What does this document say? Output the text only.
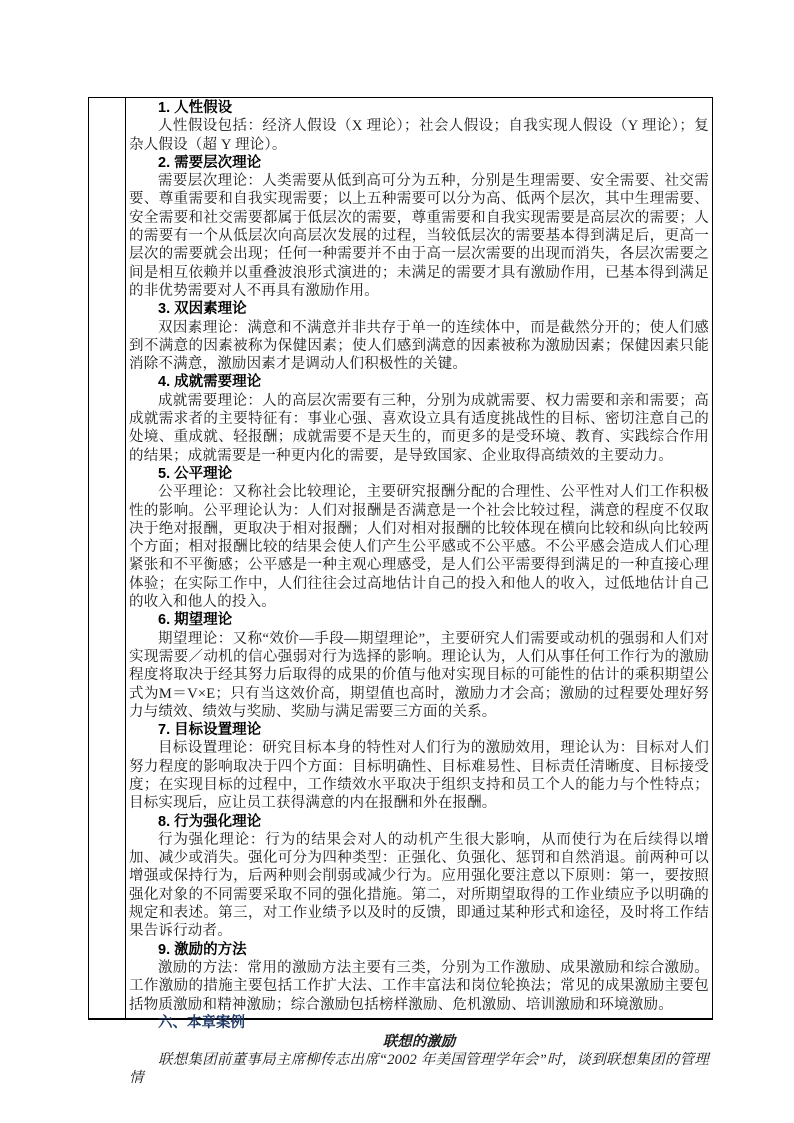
1. 人性假设

人性假设包括：经济人假设（X 理论）；社会人假设；自我实现人假设（Y 理论）；复杂人假设（超 Y 理论）。

2. 需要层次理论

需要层次理论：人类需要从低到高可分为五种，分别是生理需要、安全需要、社交需要、尊重需要和自我实现需要；以上五种需要可以分为高、低两个层次，其中生理需要、安全需要和社交需要都属于低层次的需要，尊重需要和自我实现需要是高层次的需要；人的需要有一个从低层次向高层次发展的过程，当较低层次的需要基本得到满足后，更高一层次的需要就会出现；任何一种需要并不由于高一层次需要的出现而消失，各层次需要之间是相互依赖并以重叠波浪形式演进的；未满足的需要才具有激励作用，已基本得到满足的非优势需要对人不再具有激励作用。

3. 双因素理论

双因素理论：满意和不满意并非共存于单一的连续体中，而是截然分开的；使人们感到不满意的因素被称为保健因素；使人们感到满意的因素被称为激励因素；保健因素只能消除不满意，激励因素才是调动人们积极性的关键。

4. 成就需要理论

成就需要理论：人的高层次需要有三种，分别为成就需要、权力需要和亲和需要；高成就需求者的主要特征有：事业心强、喜欢设立具有适度挑战性的目标、密切注意自己的处境、重成就、轻报酬；成就需要不是天生的，而更多的是受环境、教育、实践综合作用的结果；成就需要是一种更内化的需要，是导致国家、企业取得高绩效的主要动力。

5. 公平理论

公平理论：又称社会比较理论，主要研究报酬分配的合理性、公平性对人们工作积极性的影响。公平理论认为：人们对报酬是否满意是一个社会比较过程，满意的程度不仅取决于绝对报酬，更取决于相对报酬；人们对相对报酬的比较体现在横向比较和纵向比较两个方面；相对报酬比较的结果会使人们产生公平感或不公平感。不公平感会造成人们心理紧张和不平衡感；公平感是一种主观心理感受，是人们公平需要得到满足的一种直接心理体验；在实际工作中，人们往往会过高地估计自己的投入和他人的收入，过低地估计自己的收入和他人的投入。

6. 期望理论

期望理论：又称“效价—手段—期望理论”，主要研究人们需要或动机的强弱和人们对实现需要／动机的信心强弱对行为选择的影响。理论认为，人们从事任何工作行为的激励程度将取决于经其努力后取得的成果的价值与他对实现目标的可能性的估计的乘积期望公式为M＝V×E；只有当这效价高，期望值也高时，激励力才会高；激励的过程要处理好努力与绩效、绩效与奖励、奖励与满足需要三方面的关系。

7. 目标设置理论

目标设置理论：研究目标本身的特性对人们行为的激励效用，理论认为：目标对人们努力程度的影响取决于四个方面：目标明确性、目标难易性、目标责任清晰度、目标接受度；在实现目标的过程中，工作绩效水平取决于组织支持和员工个人的能力与个性特点；目标实现后，应让员工获得满意的内在报酬和外在报酬。

8. 行为强化理论

行为强化理论：行为的结果会对人的动机产生很大影响，从而使行为在后续得以增加、减少或消失。强化可分为四种类型：正强化、负强化、惩罚和自然消退。前两种可以增强或保持行为，后两种则会削弱或减少行为。应用强化要注意以下原则：第一，要按照强化对象的不同需要采取不同的强化措施。第二，对所期望取得的工作业绩应予以明确的规定和表述。第三，对工作业绩予以及时的反馈，即通过某种形式和途径，及时将工作结果告诉行动者。

9. 激励的方法

激励的方法：常用的激励方法主要有三类，分别为工作激励、成果激励和综合激励。工作激励的措施主要包括工作扩大法、工作丰富法和岗位轮换法；常见的成果激励主要包括物质激励和精神激励；综合激励包括榜样激励、危机激励、培训激励和环境激励。

六、本章案例

联想的激励

联想集团前董事局主席柳传志出席“2002 年美国管理学年会”时，谈到联想集团的管理情
